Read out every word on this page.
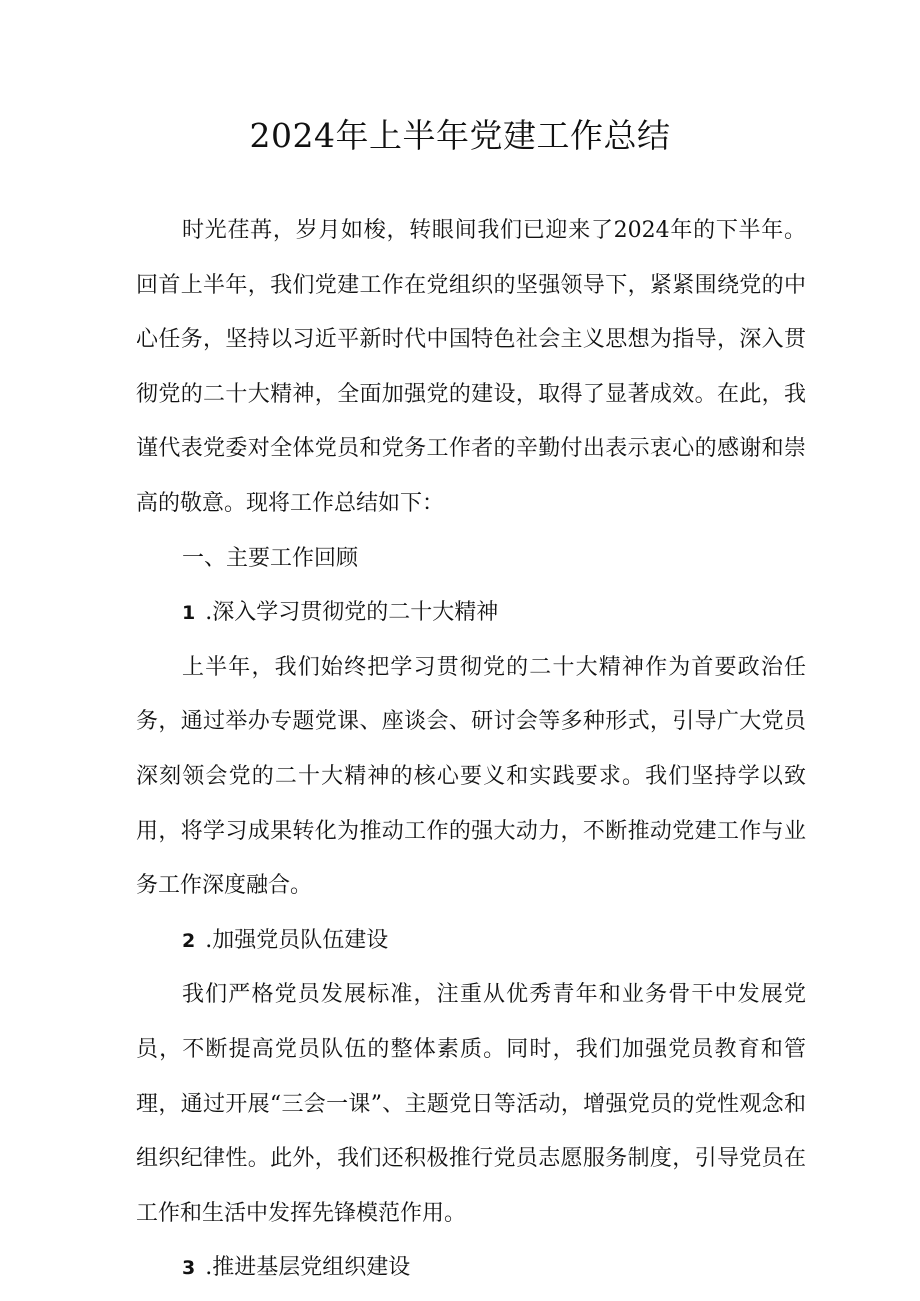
2024年上半年党建工作总结

时光荏苒，岁月如梭，转眼间我们已迎来了2024年的下半年。回首上半年，我们党建工作在党组织的坚强领导下，紧紧围绕党的中心任务，坚持以习近平新时代中国特色社会主义思想为指导，深入贯彻党的二十大精神，全面加强党的建设，取得了显著成效。在此，我谨代表党委对全体党员和党务工作者的辛勤付出表示衷心的感谢和崇高的敬意。现将工作总结如下：

一、主要工作回顾

1 .深入学习贯彻党的二十大精神

上半年，我们始终把学习贯彻党的二十大精神作为首要政治任务，通过举办专题党课、座谈会、研讨会等多种形式，引导广大党员深刻领会党的二十大精神的核心要义和实践要求。我们坚持学以致用，将学习成果转化为推动工作的强大动力，不断推动党建工作与业务工作深度融合。

2 .加强党员队伍建设

我们严格党员发展标准，注重从优秀青年和业务骨干中发展党员，不断提高党员队伍的整体素质。同时，我们加强党员教育和管理，通过开展“三会一课”、主题党日等活动，增强党员的党性观念和组织纪律性。此外，我们还积极推行党员志愿服务制度，引导党员在工作和生活中发挥先锋模范作用。

3 .推进基层党组织建设
